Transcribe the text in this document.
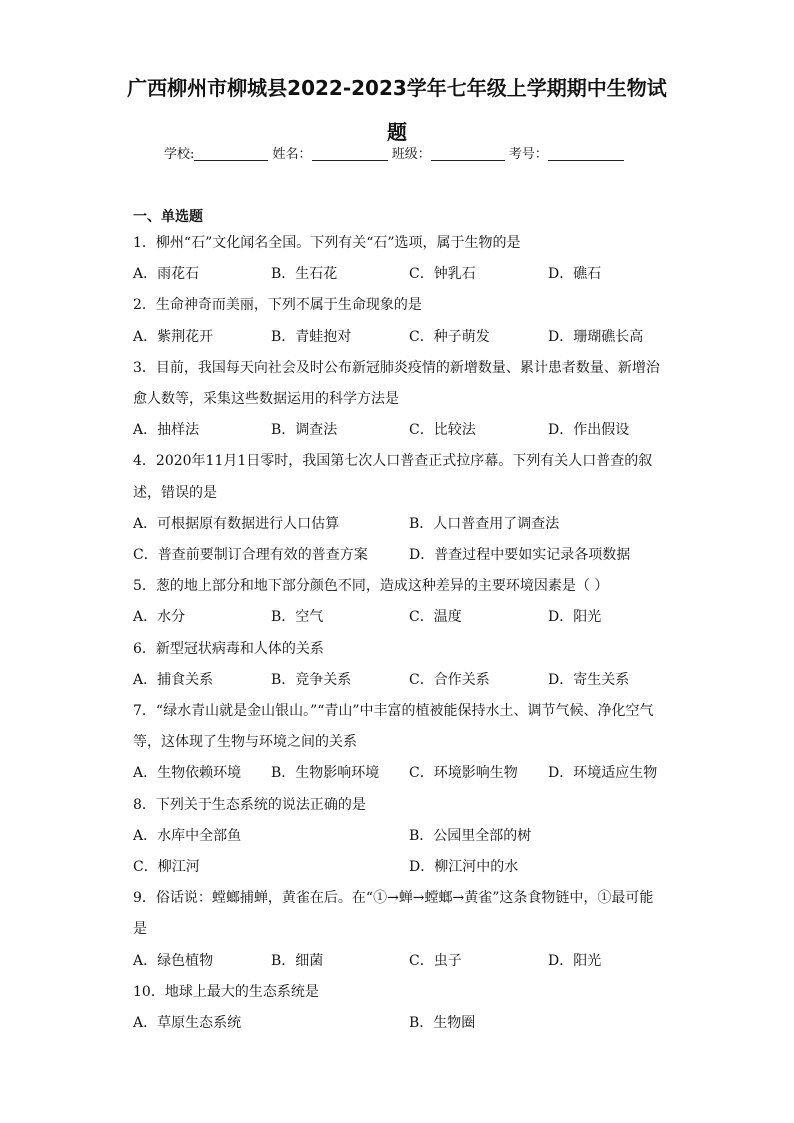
广西柳州市柳城县2022-2023学年七年级上学期期中生物试
题
学校:	姓名：	班级：	考号：
一、单选题
1．柳州“石”文化闻名全国。下列有关“石”选项，属于生物的是
A．雨花石	B．生石花	C．钟乳石	D．礁石
2．生命神奇而美丽，下列不属于生命现象的是
A．紫荆花开	B．青蛙抱对	C．种子萌发	D．珊瑚礁长高
3．目前，我国每天向社会及时公布新冠肺炎疫情的新增数量、累计患者数量、新增治
愈人数等，采集这些数据运用的科学方法是
A．抽样法	B．调查法	C．比较法	D．作出假设
4．2020年11月1日零时，我国第七次人口普查正式拉序幕。下列有关人口普查的叙
述，错误的是
A．可根据原有数据进行人口估算	B．人口普查用了调查法
C．普查前要制订合理有效的普查方案	D．普查过程中要如实记录各项数据
5．葱的地上部分和地下部分颜色不同，造成这种差异的主要环境因素是（ ）
A．水分	B．空气	C．温度	D．阳光
6．新型冠状病毒和人体的关系
A．捕食关系	B．竞争关系	C．合作关系	D．寄生关系
7．“绿水青山就是金山银山。”“青山”中丰富的植被能保持水土、调节气候、净化空气
等，这体现了生物与环境之间的关系
A．生物依赖环境 B．生物影响环境 C．环境影响生物 D．环境适应生物
8．下列关于生态系统的说法正确的是
A．水库中全部鱼	B．公园里全部的树
C．柳江河	D．柳江河中的水
9．俗话说：螳螂捕蝉，黄雀在后。在“①→蝉→螳螂→黄雀”这条食物链中，①最可能
是
A．绿色植物	B．细菌	C．虫子	D．阳光
10．地球上最大的生态系统是
A．草原生态系统	B．生物圈
